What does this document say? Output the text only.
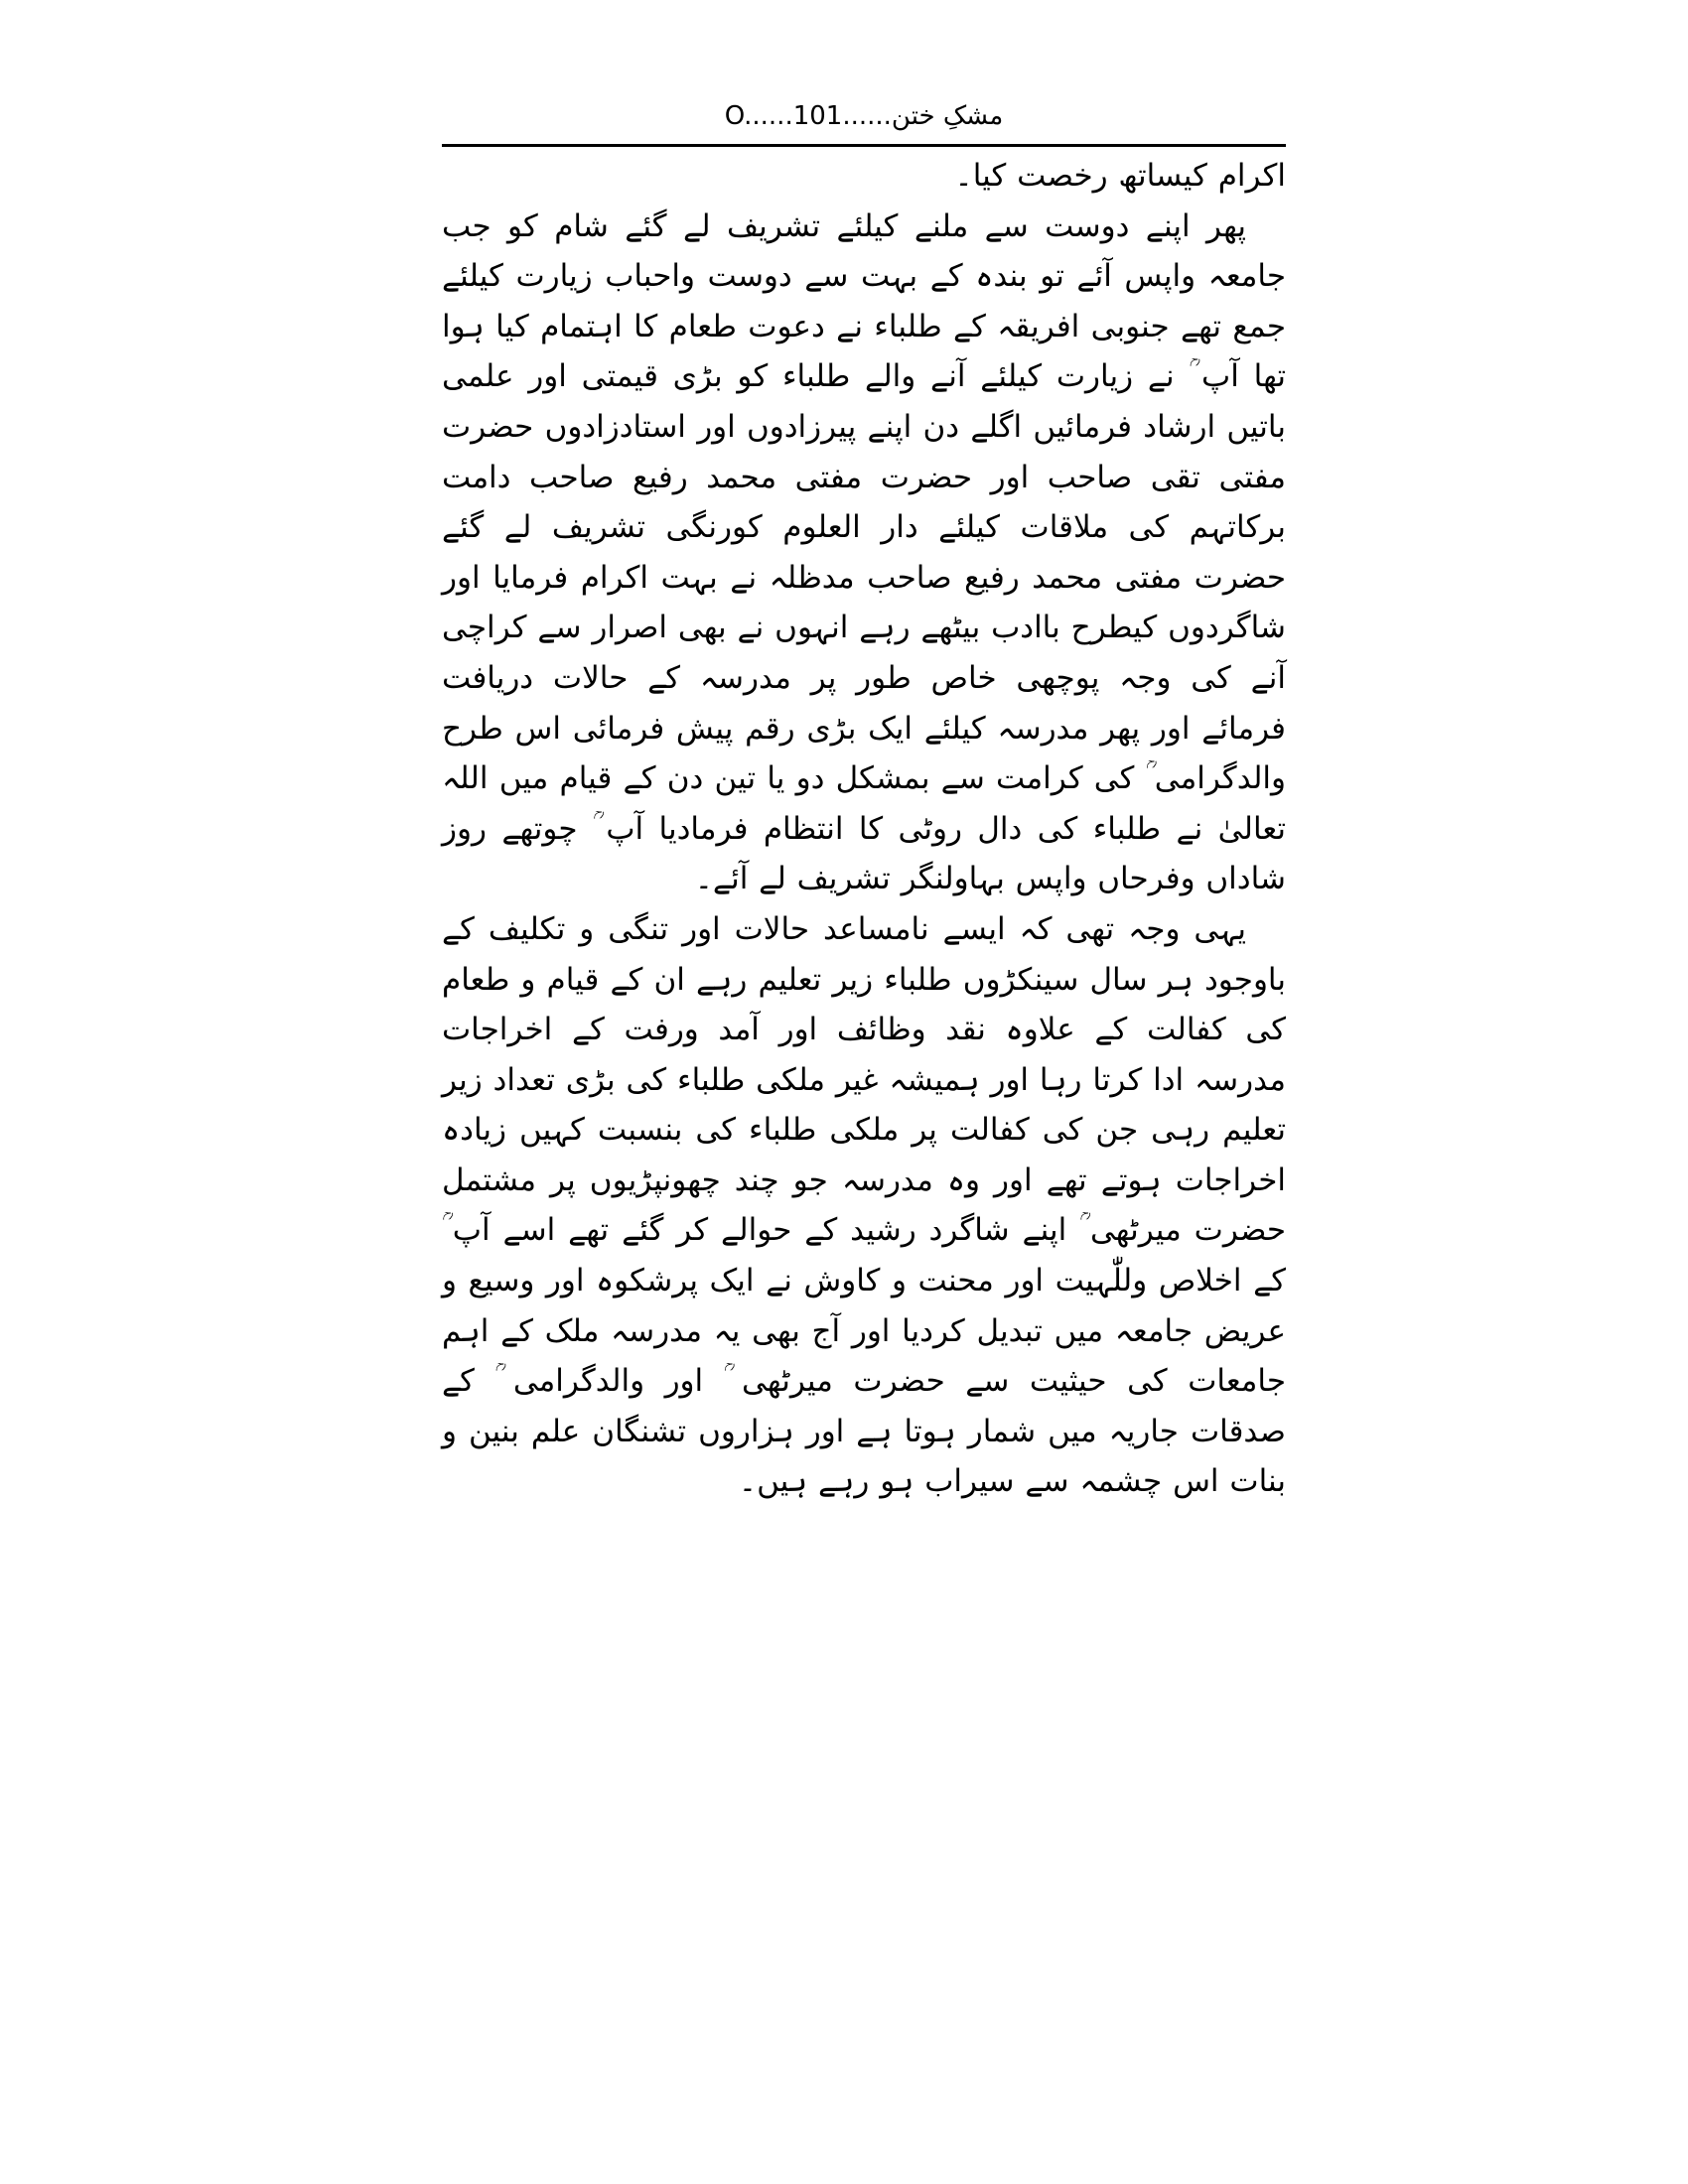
مشکِ ختن......O......101

اکرام کیساتھ رخصت کیا۔

پھر اپنے دوست سے ملنے کیلئے تشریف لے گئے شام کو جب جامعہ واپس آئے تو بندہ کے بہت سے دوست واحباب زیارت کیلئے جمع تھے جنوبی افریقہ کے طلباء نے دعوت طعام کا اہتمام کیا ہوا تھا آپ ؒ نے زیارت کیلئے آنے والے طلباء کو بڑی قیمتی اور علمی باتیں ارشاد فرمائیں اگلے دن اپنے پیرزادوں اور استادزادوں حضرت مفتی تقی صاحب اور حضرت مفتی محمد رفیع صاحب دامت برکاتہم کی ملاقات کیلئے دار العلوم کورنگی تشریف لے گئے حضرت مفتی محمد رفیع صاحب مدظلہ نے بہت اکرام فرمایا اور شاگردوں کیطرح باادب بیٹھے رہے انہوں نے بھی اصرار سے کراچی آنے کی وجہ پوچھی خاص طور پر مدرسہ کے حالات دریافت فرمائے اور پھر مدرسہ کیلئے ایک بڑی رقم پیش فرمائی اس طرح والدگرامی ؒ کی کرامت سے بمشکل دو یا تین دن کے قیام میں اللہ تعالیٰ نے طلباء کی دال روٹی کا انتظام فرمادیا آپ ؒ چوتھے روز شاداں وفرحاں واپس بہاولنگر تشریف لے آئے۔

یہی وجہ تھی کہ ایسے نامساعد حالات اور تنگی و تکلیف کے باوجود ہر سال سینکڑوں طلباء زیر تعلیم رہے ان کے قیام و طعام کی کفالت کے علاوہ نقد وظائف اور آمد ورفت کے اخراجات مدرسہ ادا کرتا رہا اور ہمیشہ غیر ملکی طلباء کی بڑی تعداد زیر تعلیم رہی جن کی کفالت پر ملکی طلباء کی بنسبت کہیں زیادہ اخراجات ہوتے تھے اور وہ مدرسہ جو چند چھونپڑیوں پر مشتمل حضرت میرٹھی ؒ اپنے شاگرد رشید کے حوالے کر گئے تھے اسے آپ ؒ کے اخلاص وللّٰہیت اور محنت و کاوش نے ایک پرشکوہ اور وسیع و عریض جامعہ میں تبدیل کردیا اور آج بھی یہ مدرسہ ملک کے اہم جامعات کی حیثیت سے حضرت میرٹھی ؒ اور والدگرامی ؒ کے صدقات جاریہ میں شمار ہوتا ہے اور ہزاروں تشنگان علم بنین و بنات اس چشمہ سے سیراب ہو رہے ہیں۔
